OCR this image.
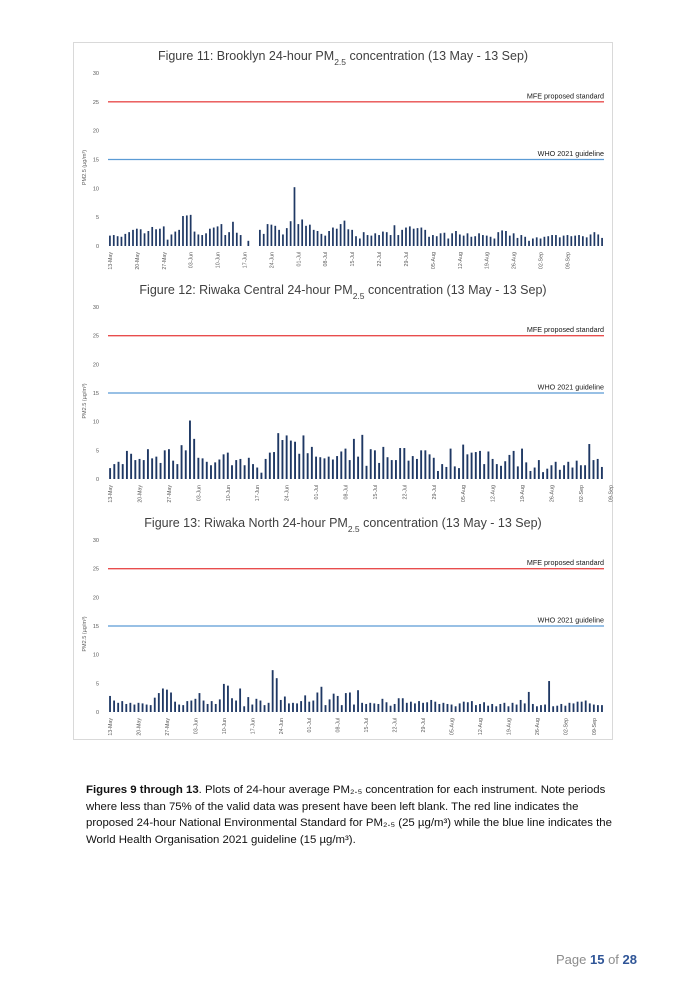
Figure 11: Brooklyn 24-hour $PM_{2.5}$ concentration (13 May - 13 Sep)
0
5
10
15
20
25
30
PM2.5 (µg/m³)
MFE proposed standard
WHO 2021 guideline
13-May	20-May	27-May	03-Jun	10-Jun	17-Jun	24-Jun	01-Jul	08-Jul	15-Jul	22-Jul	29-Jul	05-Aug	12-Aug	19-Aug	26-Aug	02-Sep	09-Sep
Figure 12: Riwaka Central 24-hour $PM_{2.5}$ concentration (13 May - 13 Sep)
0
5
10
15
20
25
30
PM2.5 (µg/m³)
MFE proposed standard
WHO 2021 guideline
13-May	20-May	27-May	03-Jun	10-Jun	17-Jun	24-Jun	01-Jul	08-Jul	15-Jul	22-Jul	29-Jul	05-Aug	12-Aug	19-Aug	26-Aug	02-Sep	09-Sep
Figure 13: Riwaka North 24-hour $PM_{2.5}$ concentration (13 May - 13 Sep)
0
5
10
15
20
25
30
PM2.5 (µg/m³)
MFE proposed standard
WHO 2021 guideline
13-May	20-May	27-May	03-Jun	10-Jun	17-Jun	24-Jun	01-Jul	08-Jul	15-Jul	22-Jul	29-Jul	05-Aug	12-Aug	19-Aug	26-Aug	02-Sep	09-Sep
Figures 9 through 13. Plots of 24-hour average PM₂.₅ concentration for each instrument. Note periods where less than 75% of the valid data was present have been left blank. The red line indicates the proposed 24-hour National Environmental Standard for PM₂.₅ (25 µg/m³) while the blue line indicates the World Health Organisation 2021 guideline (15 µg/m³).
Page 15 of 28
